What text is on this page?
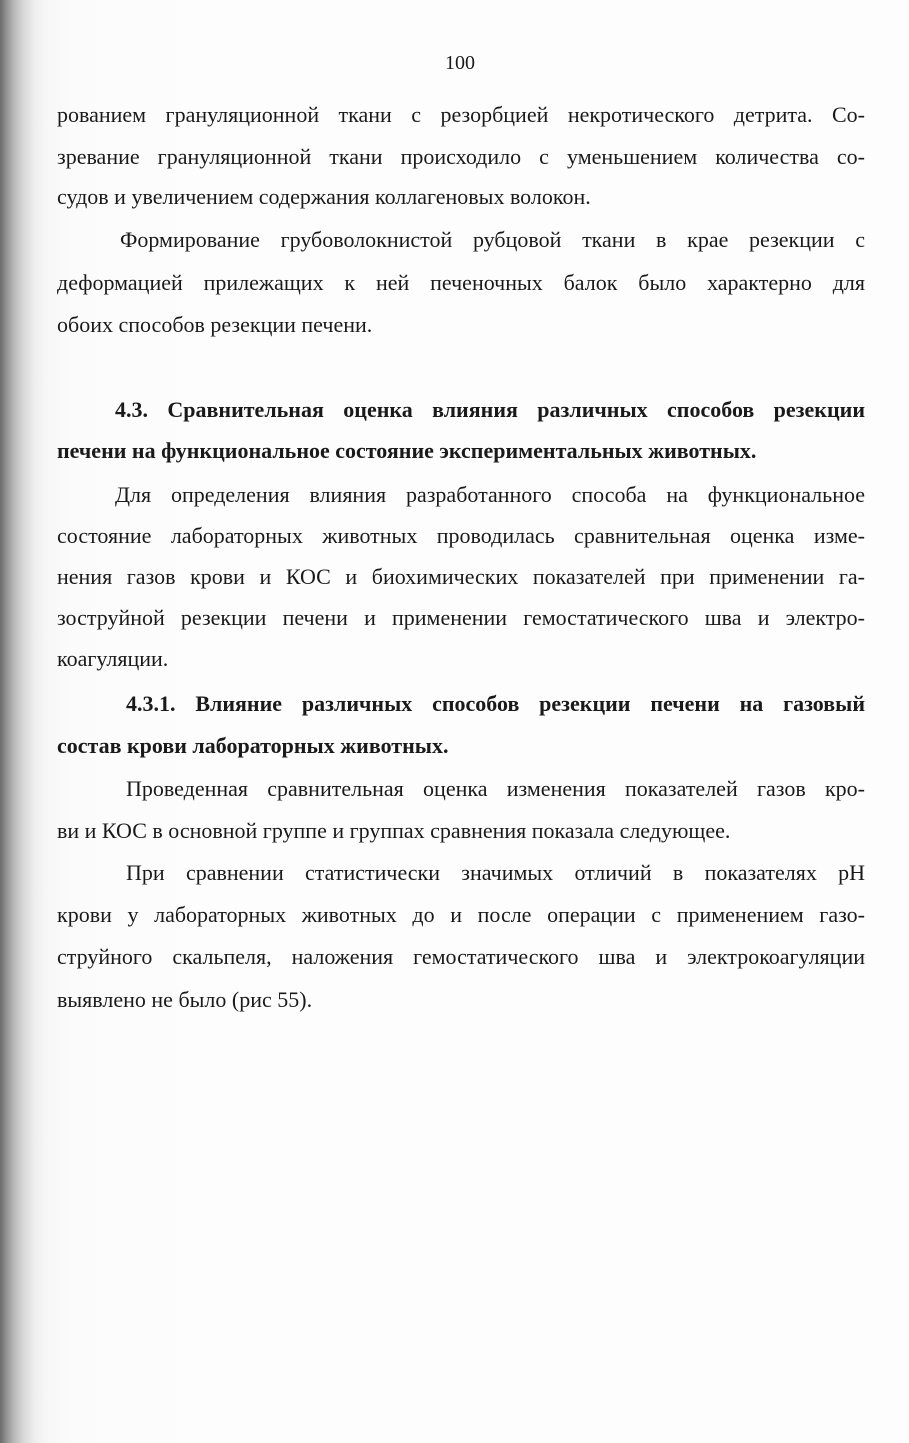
100
рованием грануляционной ткани с резорбцией некротического детрита. Со-
зревание грануляционной ткани происходило с уменьшением количества со-
судов и увеличением содержания коллагеновых волокон.
Формирование грубоволокнистой рубцовой ткани в крае резекции с
деформацией прилежащих к ней печеночных балок было характерно для
обоих способов резекции печени.
4.3. Сравнительная оценка влияния различных способов резекции
печени на функциональное состояние экспериментальных животных.
Для определения влияния разработанного способа на функциональное
состояние лабораторных животных проводилась сравнительная оценка изме-
нения газов крови и КОС и биохимических показателей при применении га-
зоструйной резекции печени и применении гемостатического шва и электро-
коагуляции.
4.3.1. Влияние различных способов резекции печени на газовый
состав крови лабораторных животных.
Проведенная сравнительная оценка изменения показателей газов кро-
ви и КОС в основной группе и группах сравнения показала следующее.
При сравнении статистически значимых отличий в показателях pH
крови у лабораторных животных до и после операции с применением газо-
струйного скальпеля, наложения гемостатического шва и электрокоагуляции
выявлено не было (рис 55).
